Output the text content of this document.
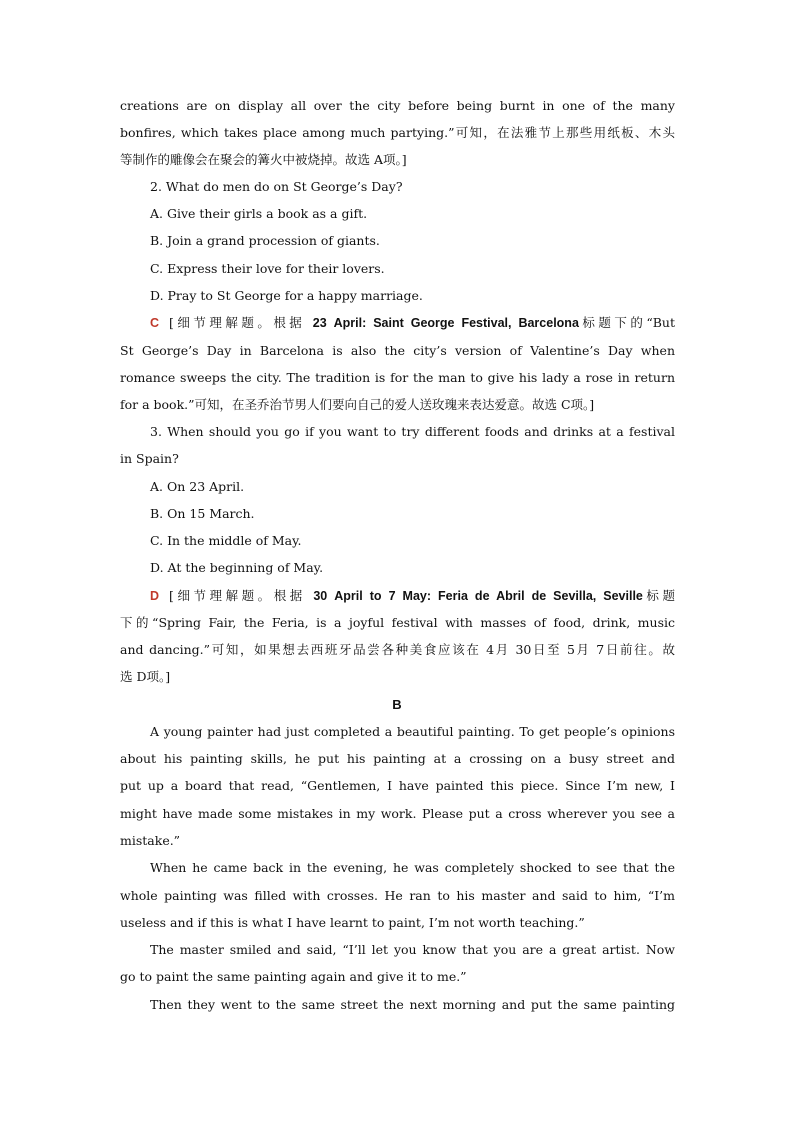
creations are on display all over the city before being burnt in one of the many
bonfires, which takes place among much partying.”可知，在法雅节上那些用纸板、木头
等制作的雕像会在聚会的篝火中被烧掉。故选 A项。]
2. What do men do on St George’s Day?
A. Give their girls a book as a gift.
B. Join a grand procession of giants.
C. Express their love for their lovers.
D. Pray to St George for a happy marriage.
C [细节理解题。根据 23 April: Saint George Festival, Barcelona标题下的“But
St George’s Day in Barcelona is also the city’s version of Valentine’s Day when
romance sweeps the city. The tradition is for the man to give his lady a rose in return
for a book.”可知，在圣乔治节男人们要向自己的爱人送玫瑰来表达爱意。故选 C项。]
3. When should you go if you want to try different foods and drinks at a festival
in Spain?
A. On 23 April.
B. On 15 March.
C. In the middle of May.
D. At the beginning of May.
D [细节理解题。根据 30 April to 7 May: Feria de Abril de Sevilla, Seville标题
下的“Spring Fair, the Feria, is a joyful festival with masses of food, drink, music
and dancing.”可知，如果想去西班牙品尝各种美食应该在 4月 30日至 5月 7日前往。故
选 D项。]
B
A young painter had just completed a beautiful painting. To get people’s opinions
about his painting skills, he put his painting at a crossing on a busy street and
put up a board that read, “Gentlemen, I have painted this piece. Since I’m new, I
might have made some mistakes in my work. Please put a cross wherever you see a
mistake.”
When he came back in the evening, he was completely shocked to see that the
whole painting was filled with crosses. He ran to his master and said to him, “I’m
useless and if this is what I have learnt to paint, I’m not worth teaching.”
The master smiled and said, “I’ll let you know that you are a great artist. Now
go to paint the same painting again and give it to me.”
Then they went to the same street the next morning and put the same painting
